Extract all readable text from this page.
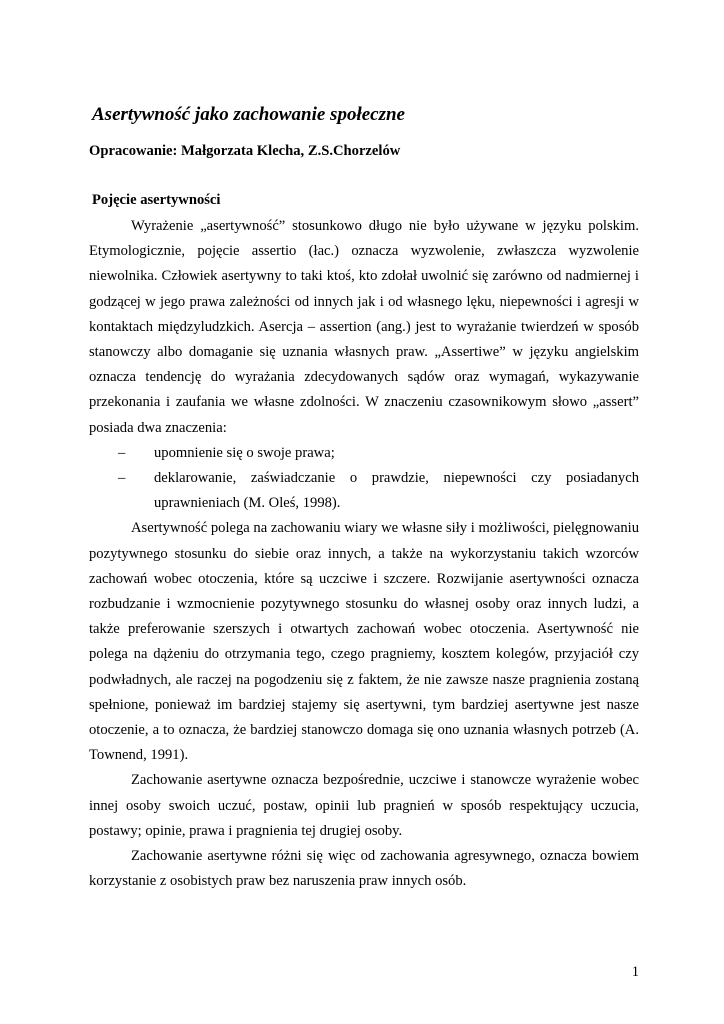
Asertywność jako zachowanie społeczne

Opracowanie: Małgorzata Klecha, Z.S.Chorzelów

Pojęcie asertywności

Wyrażenie „asertywność” stosunkowo długo nie było używane w języku polskim. Etymologicznie, pojęcie assertio (łac.) oznacza wyzwolenie, zwłaszcza wyzwolenie niewolnika. Człowiek asertywny to taki ktoś, kto zdołał uwolnić się zarówno od nadmiernej i godzącej w jego prawa zależności od innych jak i od własnego lęku, niepewności i agresji w kontaktach międzyludzkich. Asercja – assertion (ang.) jest to wyrażanie twierdzeń w sposób stanowczy albo domaganie się uznania własnych praw. „Assertiwe” w języku angielskim oznacza tendencję do wyrażania zdecydowanych sądów oraz wymagań, wykazywanie przekonania i zaufania we własne zdolności. W znaczeniu czasownikowym słowo „assert” posiada dwa znaczenia:

– upomnienie się o swoje prawa;
– deklarowanie, zaświadczanie o prawdzie, niepewności czy posiadanych uprawnieniach (M. Oleś, 1998).

Asertywność polega na zachowaniu wiary we własne siły i możliwości, pielęgnowaniu pozytywnego stosunku do siebie oraz innych, a także na wykorzystaniu takich wzorców zachowań wobec otoczenia, które są uczciwe i szczere. Rozwijanie asertywności oznacza rozbudzanie i wzmocnienie pozytywnego stosunku do własnej osoby oraz innych ludzi, a także preferowanie szerszych i otwartych zachowań wobec otoczenia. Asertywność nie polega na dążeniu do otrzymania tego, czego pragniemy, kosztem kolegów, przyjaciół czy podwładnych, ale raczej na pogodzeniu się z faktem, że nie zawsze nasze pragnienia zostaną spełnione, ponieważ im bardziej stajemy się asertywni, tym bardziej asertywne jest nasze otoczenie, a to oznacza, że bardziej stanowczo domaga się ono uznania własnych potrzeb (A. Townend, 1991).

Zachowanie asertywne oznacza bezpośrednie, uczciwe i stanowcze wyrażenie wobec innej osoby swoich uczuć, postaw, opinii lub pragnień w sposób respektujący uczucia, postawy; opinie, prawa i pragnienia tej drugiej osoby.

Zachowanie asertywne różni się więc od zachowania agresywnego, oznacza bowiem korzystanie z osobistych praw bez naruszenia praw innych osób.

1
